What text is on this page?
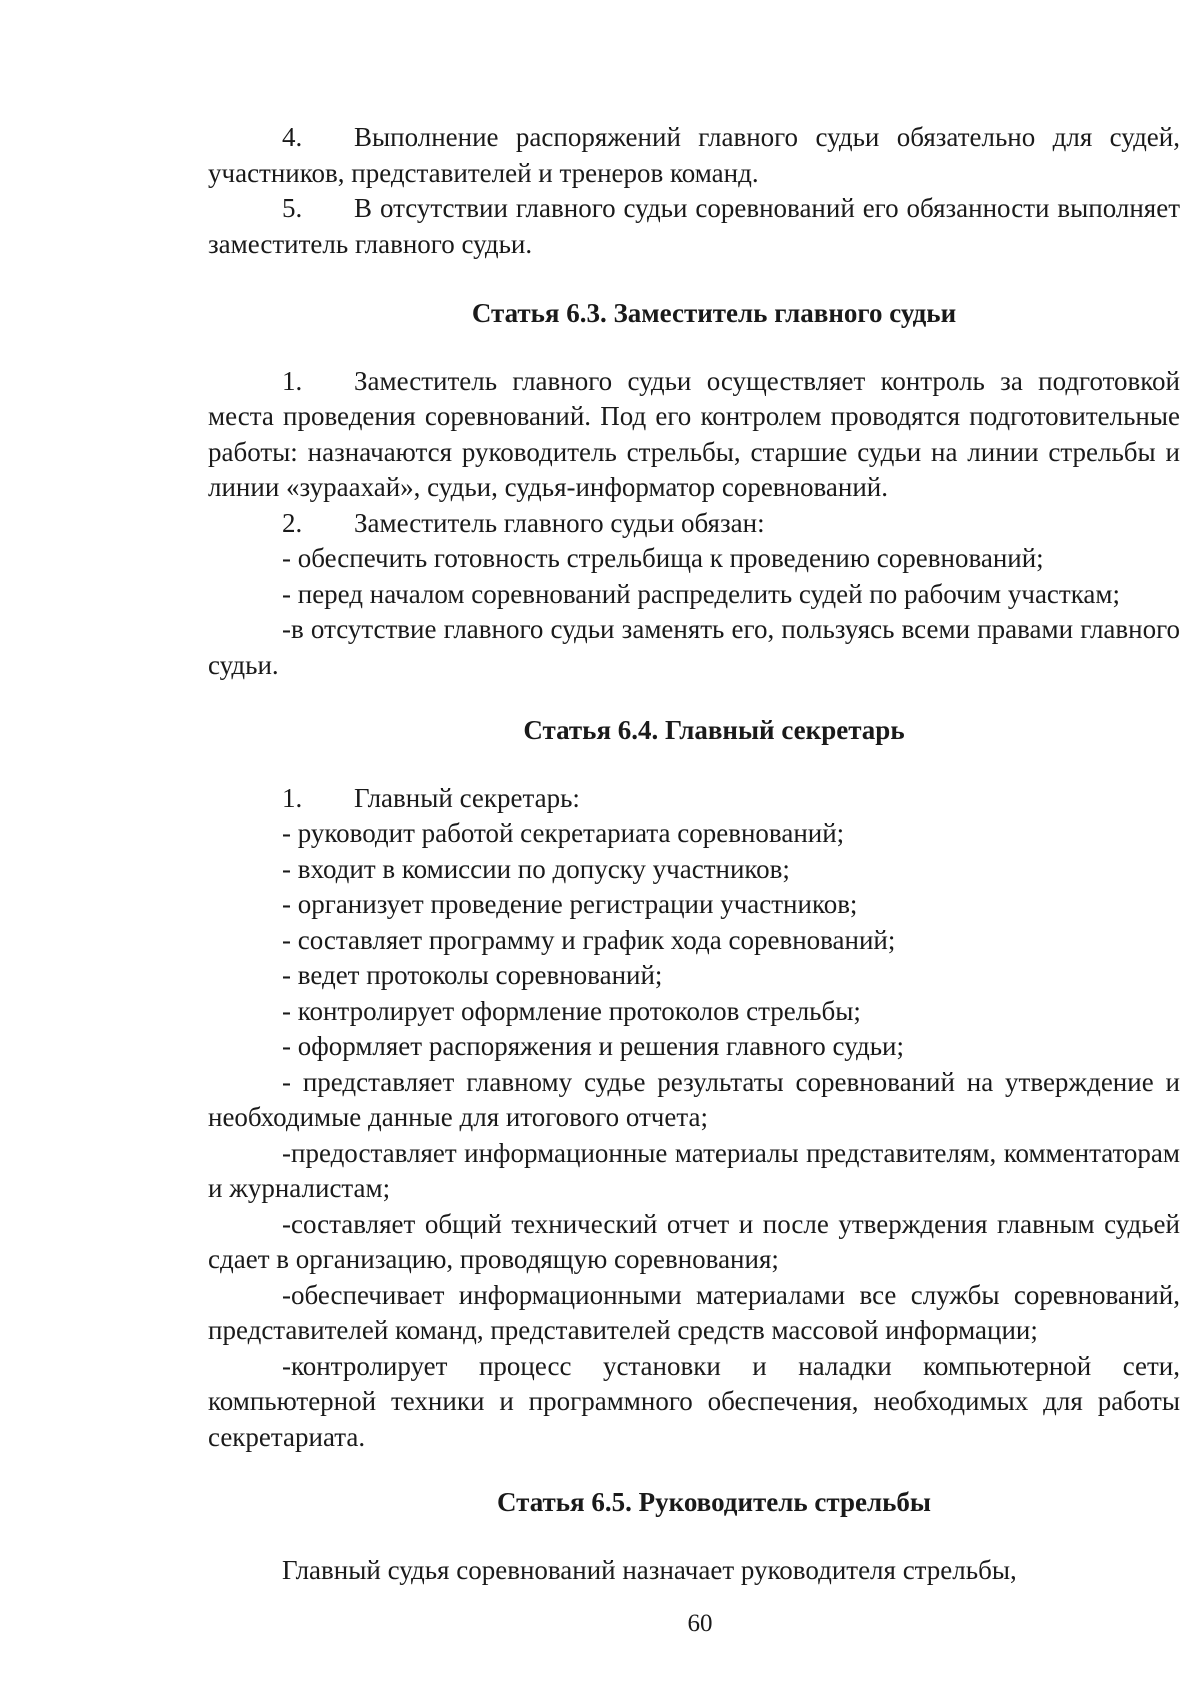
4. Выполнение распоряжений главного судьи обязательно для судей, участников, представителей и тренеров команд.

5. В отсутствии главного судьи соревнований его обязанности выполняет заместитель главного судьи.

Статья 6.3. Заместитель главного судьи

1. Заместитель главного судьи осуществляет контроль за подготовкой места проведения соревнований. Под его контролем проводятся подготовительные работы: назначаются руководитель стрельбы, старшие судьи на линии стрельбы и линии «зураахай», судьи, судья-информатор соревнований.

2. Заместитель главного судьи обязан:

- обеспечить готовность стрельбища к проведению соревнований;

- перед началом соревнований распределить судей по рабочим участкам;

-в отсутствие главного судьи заменять его, пользуясь всеми правами главного судьи.

Статья 6.4. Главный секретарь

1. Главный секретарь:

- руководит работой секретариата соревнований;

- входит в комиссии по допуску участников;

- организует проведение регистрации участников;

- составляет программу и график хода соревнований;

- ведет протоколы соревнований;

- контролирует оформление протоколов стрельбы;

- оформляет распоряжения и решения главного судьи;

- представляет главному судье результаты соревнований на утверждение и необходимые данные для итогового отчета;

-предоставляет информационные материалы представителям, комментаторам и журналистам;

-составляет общий технический отчет и после утверждения главным судьей сдает в организацию, проводящую соревнования;

-обеспечивает информационными материалами все службы соревнований, представителей команд, представителей средств массовой информации;

-контролирует процесс установки и наладки компьютерной сети, компьютерной техники и программного обеспечения, необходимых для работы секретариата.

Статья 6.5. Руководитель стрельбы

Главный судья соревнований назначает руководителя стрельбы,

60
